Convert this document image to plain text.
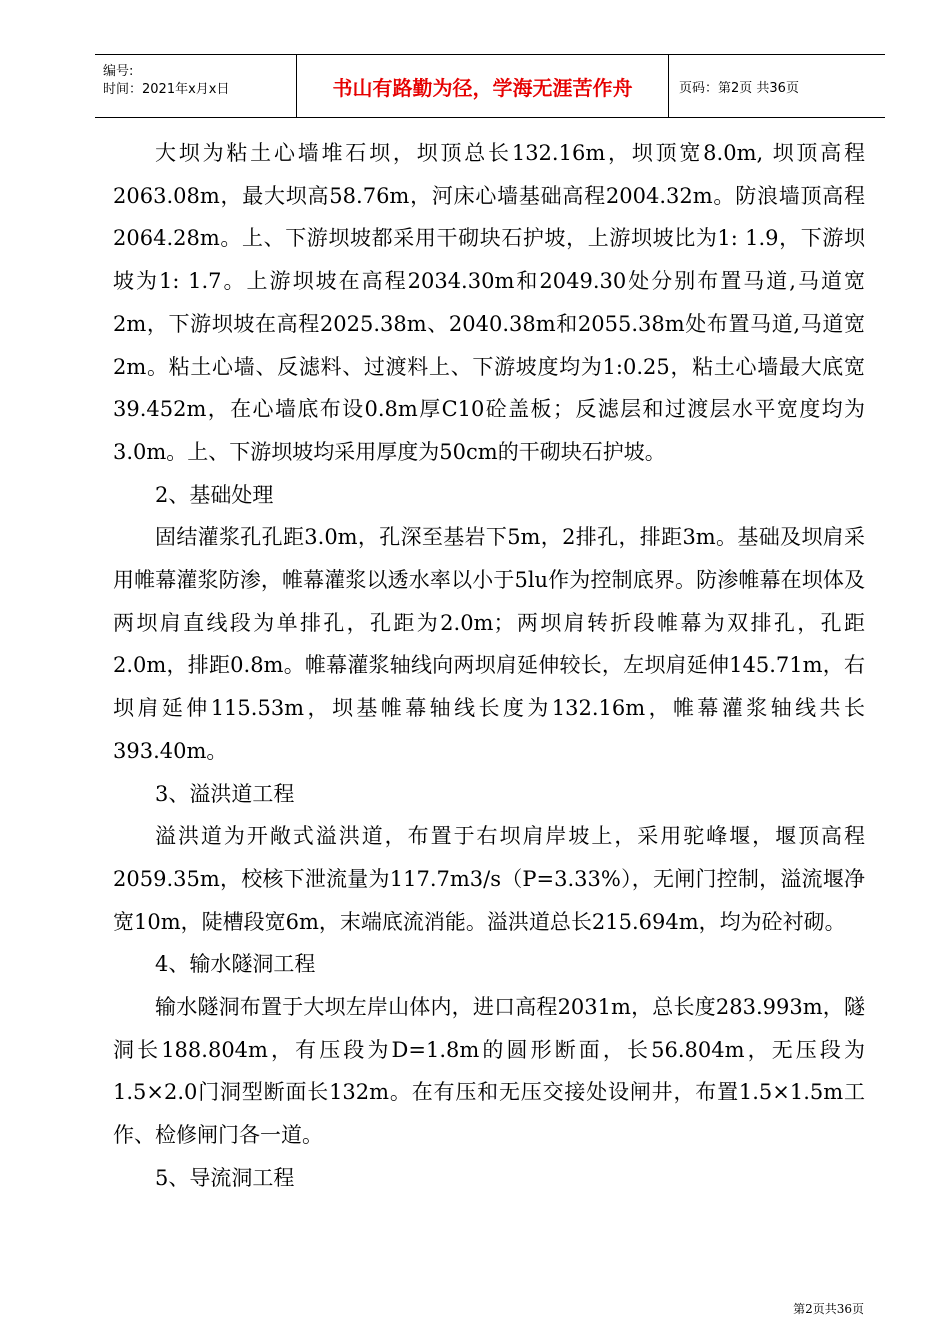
编号:
时间：2021年x月x日	书山有路勤为径，学海无涯苦作舟	页码：第2页 共36页

大坝为粘土心墙堆石坝，坝顶总长132.16m，坝顶宽8.0m, 坝顶高程2063.08m，最大坝高58.76m，河床心墙基础高程2004.32m。防浪墙顶高程2064.28m。上、下游坝坡都采用干砌块石护坡，上游坝坡比为1: 1.9，下游坝坡为1: 1.7。上游坝坡在高程2034.30m和2049.30处分别布置马道,马道宽2m，下游坝坡在高程2025.38m、2040.38m和2055.38m处布置马道,马道宽2m。粘土心墙、反滤料、过渡料上、下游坡度均为1:0.25，粘土心墙最大底宽39.452m，在心墙底布设0.8m厚C10砼盖板；反滤层和过渡层水平宽度均为3.0m。上、下游坝坡均采用厚度为50cm的干砌块石护坡。

2、基础处理

固结灌浆孔孔距3.0m，孔深至基岩下5m，2排孔，排距3m。基础及坝肩采用帷幕灌浆防渗，帷幕灌浆以透水率以小于5lu作为控制底界。防渗帷幕在坝体及两坝肩直线段为单排孔，孔距为2.0m；两坝肩转折段帷幕为双排孔，孔距2.0m，排距0.8m。帷幕灌浆轴线向两坝肩延伸较长，左坝肩延伸145.71m，右坝肩延伸115.53m，坝基帷幕轴线长度为132.16m，帷幕灌浆轴线共长393.40m。

3、溢洪道工程

溢洪道为开敞式溢洪道，布置于右坝肩岸坡上，采用驼峰堰，堰顶高程2059.35m，校核下泄流量为117.7m3/s（P=3.33%），无闸门控制，溢流堰净宽10m，陡槽段宽6m，末端底流消能。溢洪道总长215.694m，均为砼衬砌。

4、输水隧洞工程

输水隧洞布置于大坝左岸山体内，进口高程2031m，总长度283.993m，隧洞长188.804m，有压段为D=1.8m的圆形断面，长56.804m，无压段为1.5×2.0门洞型断面长132m。在有压和无压交接处设闸井，布置1.5×1.5m工作、检修闸门各一道。

5、导流洞工程

第2页共36页
